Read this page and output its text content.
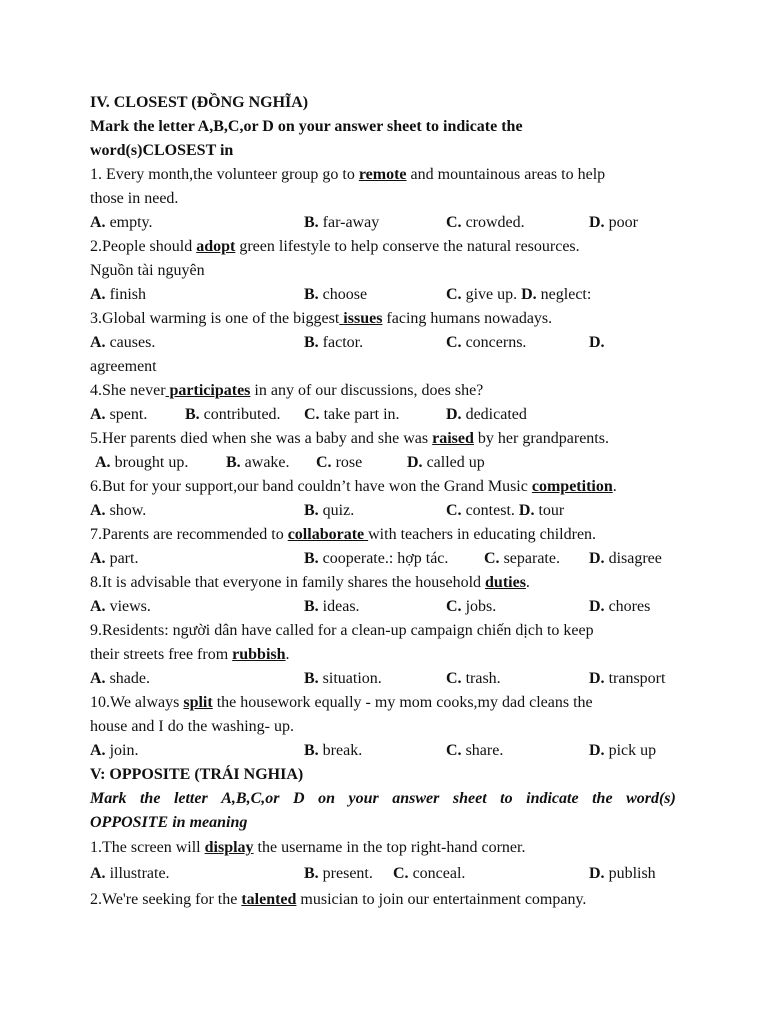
IV. CLOSEST (ĐỒNG NGHĨA)
Mark the letter A,B,C,or D on your answer sheet to indicate the
word(s)CLOSEST in
1. Every month,the volunteer group go to remote and mountainous areas to help
those in need.
A. empty.	B. far-away	C. crowded.	D. poor
2.People should adopt green lifestyle to help conserve the natural resources.
Nguồn tài nguyên
A. finish	B. choose	C. give up. D. neglect:
3.Global warming is one of the biggest issues facing humans nowadays.
A. causes.	B. factor.	C. concerns.	D.
agreement
4.She never participates in any of our discussions, does she?
A. spent. B. contributed. C. take part in.	D. dedicated
5.Her parents died when she was a baby and she was raised by her grandparents.
A. brought up. B. awake. C. rose	D. called up
6.But for your support,our band couldn’t have won the Grand Music competition.
A. show.	B. quiz.	C. contest. D. tour
7.Parents are recommended to collaborate with teachers in educating children.
A. part.	B. cooperate.: hợp tác. C. separate. D. disagree
8.It is advisable that everyone in family shares the household duties.
A. views.	B. ideas.	C. jobs.	D. chores
9.Residents: người dân have called for a clean-up campaign chiến dịch to keep
their streets free from rubbish.
A. shade.	B. situation.	C. trash.	D. transport
10.We always split the housework equally - my mom cooks,my dad cleans the
house and I do the washing- up.
A. join.	B. break.	C. share.	D. pick up
V: OPPOSITE (TRÁI NGHIA)
Mark the letter A,B,C,or D on your answer sheet to indicate the word(s)
OPPOSITE in meaning
1.The screen will display the username in the top right-hand corner.
A. illustrate.	B. present. C. conceal.	D. publish
2.We're seeking for the talented musician to join our entertainment company.
